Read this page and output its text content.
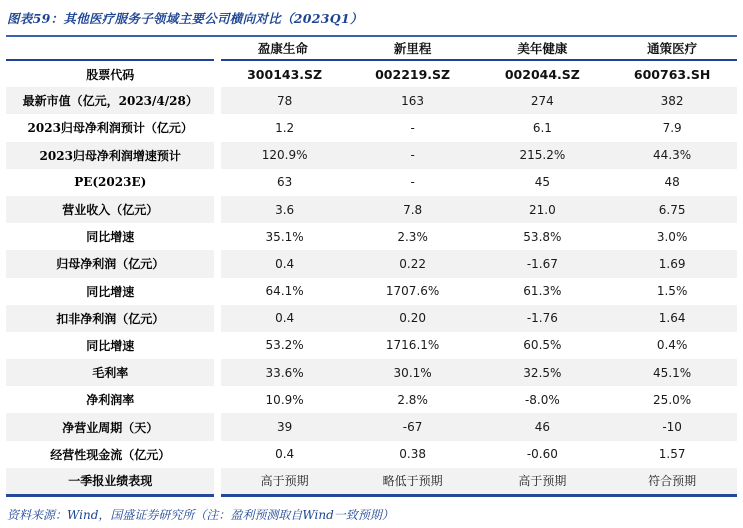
图表59：其他医疗服务子领域主要公司横向对比（2023Q1）
	盈康生命	新里程	美年健康	通策医疗
股票代码	300143.SZ	002219.SZ	002044.SZ	600763.SH
最新市值（亿元，2023/4/28）	78	163	274	382
2023归母净利润预计（亿元）	1.2	-	6.1	7.9
2023归母净利润增速预计	120.9%	-	215.2%	44.3%
PE(2023E)	63	-	45	48
营业收入（亿元）	3.6	7.8	21.0	6.75
同比增速	35.1%	2.3%	53.8%	3.0%
归母净利润（亿元）	0.4	0.22	-1.67	1.69
同比增速	64.1%	1707.6%	61.3%	1.5%
扣非净利润（亿元）	0.4	0.20	-1.76	1.64
同比增速	53.2%	1716.1%	60.5%	0.4%
毛利率	33.6%	30.1%	32.5%	45.1%
净利润率	10.9%	2.8%	-8.0%	25.0%
净营业周期（天）	39	-67	46	-10
经营性现金流（亿元）	0.4	0.38	-0.60	1.57
一季报业绩表现	高于预期	略低于预期	高于预期	符合预期
资料来源：Wind，国盛证券研究所（注：盈利预测取自Wind一致预期）
